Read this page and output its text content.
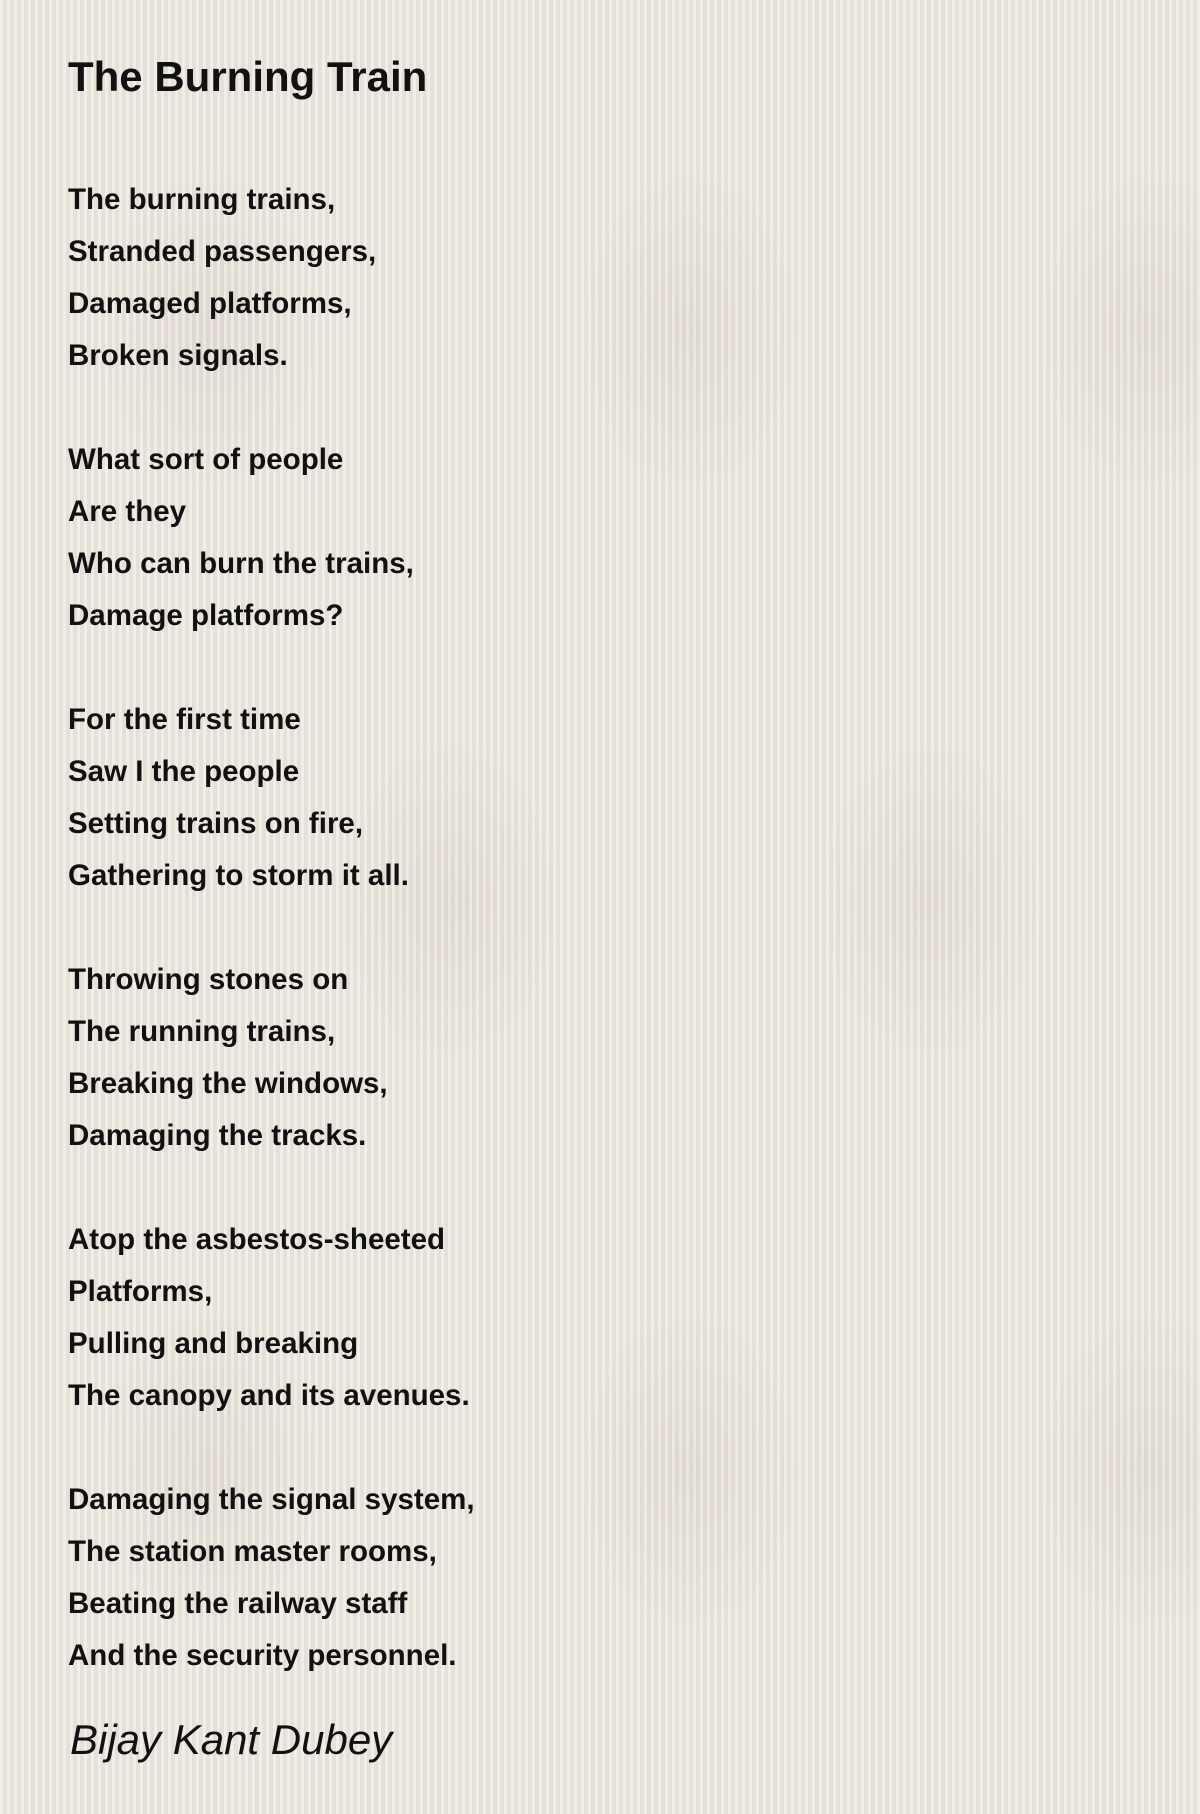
The Burning Train
The burning trains,
Stranded passengers,
Damaged platforms,
Broken signals.
What sort of people
Are they
Who can burn the trains,
Damage platforms?
For the first time
Saw I the people
Setting trains on fire,
Gathering to storm it all.
Throwing stones on
The running trains,
Breaking the windows,
Damaging the tracks.
Atop the asbestos-sheeted
Platforms,
Pulling and breaking
The canopy and its avenues.
Damaging the signal system,
The station master rooms,
Beating the railway staff
And the security personnel.

Bijay Kant Dubey
